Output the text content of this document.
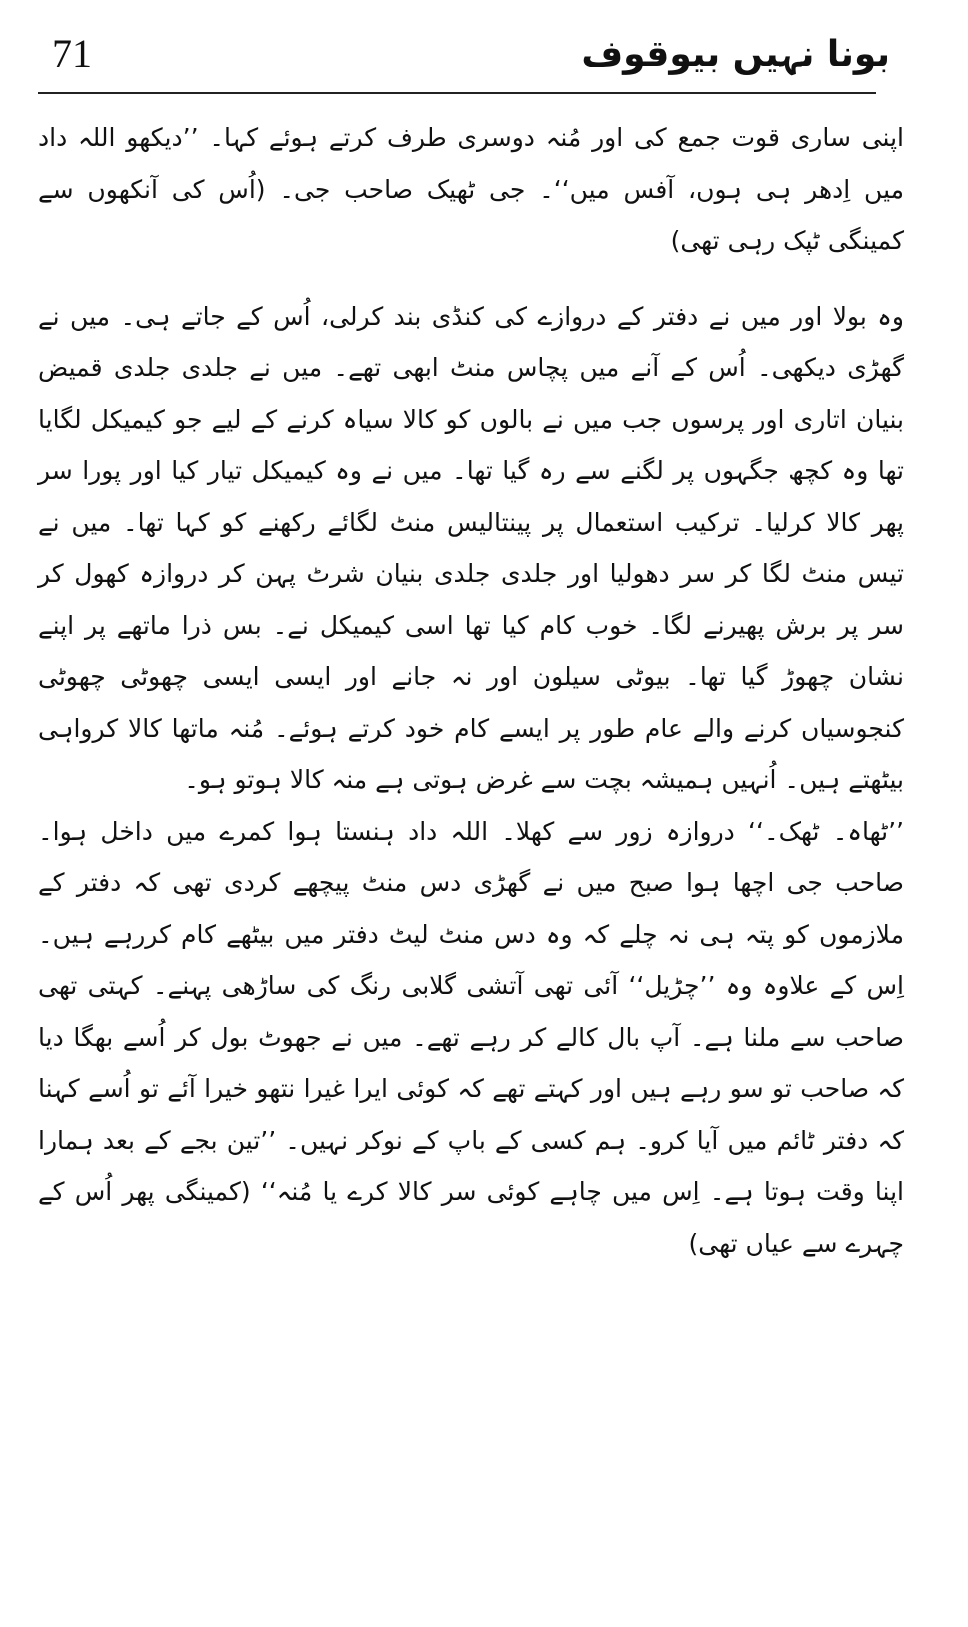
71	بونا نہیں بیوقوف

اپنی ساری قوت جمع کی اور مُنہ دوسری طرف کرتے ہوئے کہا۔ ’’دیکھو اللہ داد میں اِدھر ہی ہوں، آفس میں‘‘۔ جی ٹھیک صاحب جی۔ (اُس کی آنکھوں سے کمینگی ٹپک رہی تھی)

وہ بولا اور میں نے دفتر کے دروازے کی کنڈی بند کرلی، اُس کے جاتے ہی۔ میں نے گھڑی دیکھی۔ اُس کے آنے میں پچاس منٹ ابھی تھے۔ میں نے جلدی جلدی قمیض بنیان اتاری اور پرسوں جب میں نے بالوں کو کالا سیاہ کرنے کے لیے جو کیمیکل لگایا تھا وہ کچھ جگہوں پر لگنے سے رہ گیا تھا۔ میں نے وہ کیمیکل تیار کیا اور پورا سر پھر کالا کرلیا۔ ترکیب استعمال پر پینتالیس منٹ لگائے رکھنے کو کہا تھا۔ میں نے تیس منٹ لگا کر سر دھولیا اور جلدی جلدی بنیان شرٹ پہن کر دروازہ کھول کر سر پر برش پھیرنے لگا۔ خوب کام کیا تھا اسی کیمیکل نے۔ بس ذرا ماتھے پر اپنے نشان چھوڑ گیا تھا۔ بیوٹی سیلون اور نہ جانے اور ایسی ایسی چھوٹی چھوٹی کنجوسیاں کرنے والے عام طور پر ایسے کام خود کرتے ہوئے۔ مُنہ ماتھا کالا کرواہی بیٹھتے ہیں۔ اُنہیں ہمیشہ بچت سے غرض ہوتی ہے منہ کالا ہوتو ہو۔

’’ٹھاہ۔ ٹھک۔‘‘ دروازہ زور سے کھلا۔ اللہ داد ہنستا ہوا کمرے میں داخل ہوا۔ صاحب جی اچھا ہوا صبح میں نے گھڑی دس منٹ پیچھے کردی تھی کہ دفتر کے ملازموں کو پتہ ہی نہ چلے کہ وہ دس منٹ لیٹ دفتر میں بیٹھے کام کررہے ہیں۔ اِس کے علاوہ وہ ’’چڑیل‘‘ آئی تھی آتشی گلابی رنگ کی ساڑھی پہنے۔ کہتی تھی صاحب سے ملنا ہے۔ آپ بال کالے کر رہے تھے۔ میں نے جھوٹ بول کر اُسے بھگا دیا کہ صاحب تو سو رہے ہیں اور کہتے تھے کہ کوئی ایرا غیرا نتھو خیرا آئے تو اُسے کہنا کہ دفتر ٹائم میں آیا کرو۔ ہم کسی کے باپ کے نوکر نہیں۔ ’’تین بجے کے بعد ہمارا اپنا وقت ہوتا ہے۔ اِس میں چاہے کوئی سر کالا کرے یا مُنہ‘‘ (کمینگی پھر اُس کے چہرے سے عیاں تھی)
